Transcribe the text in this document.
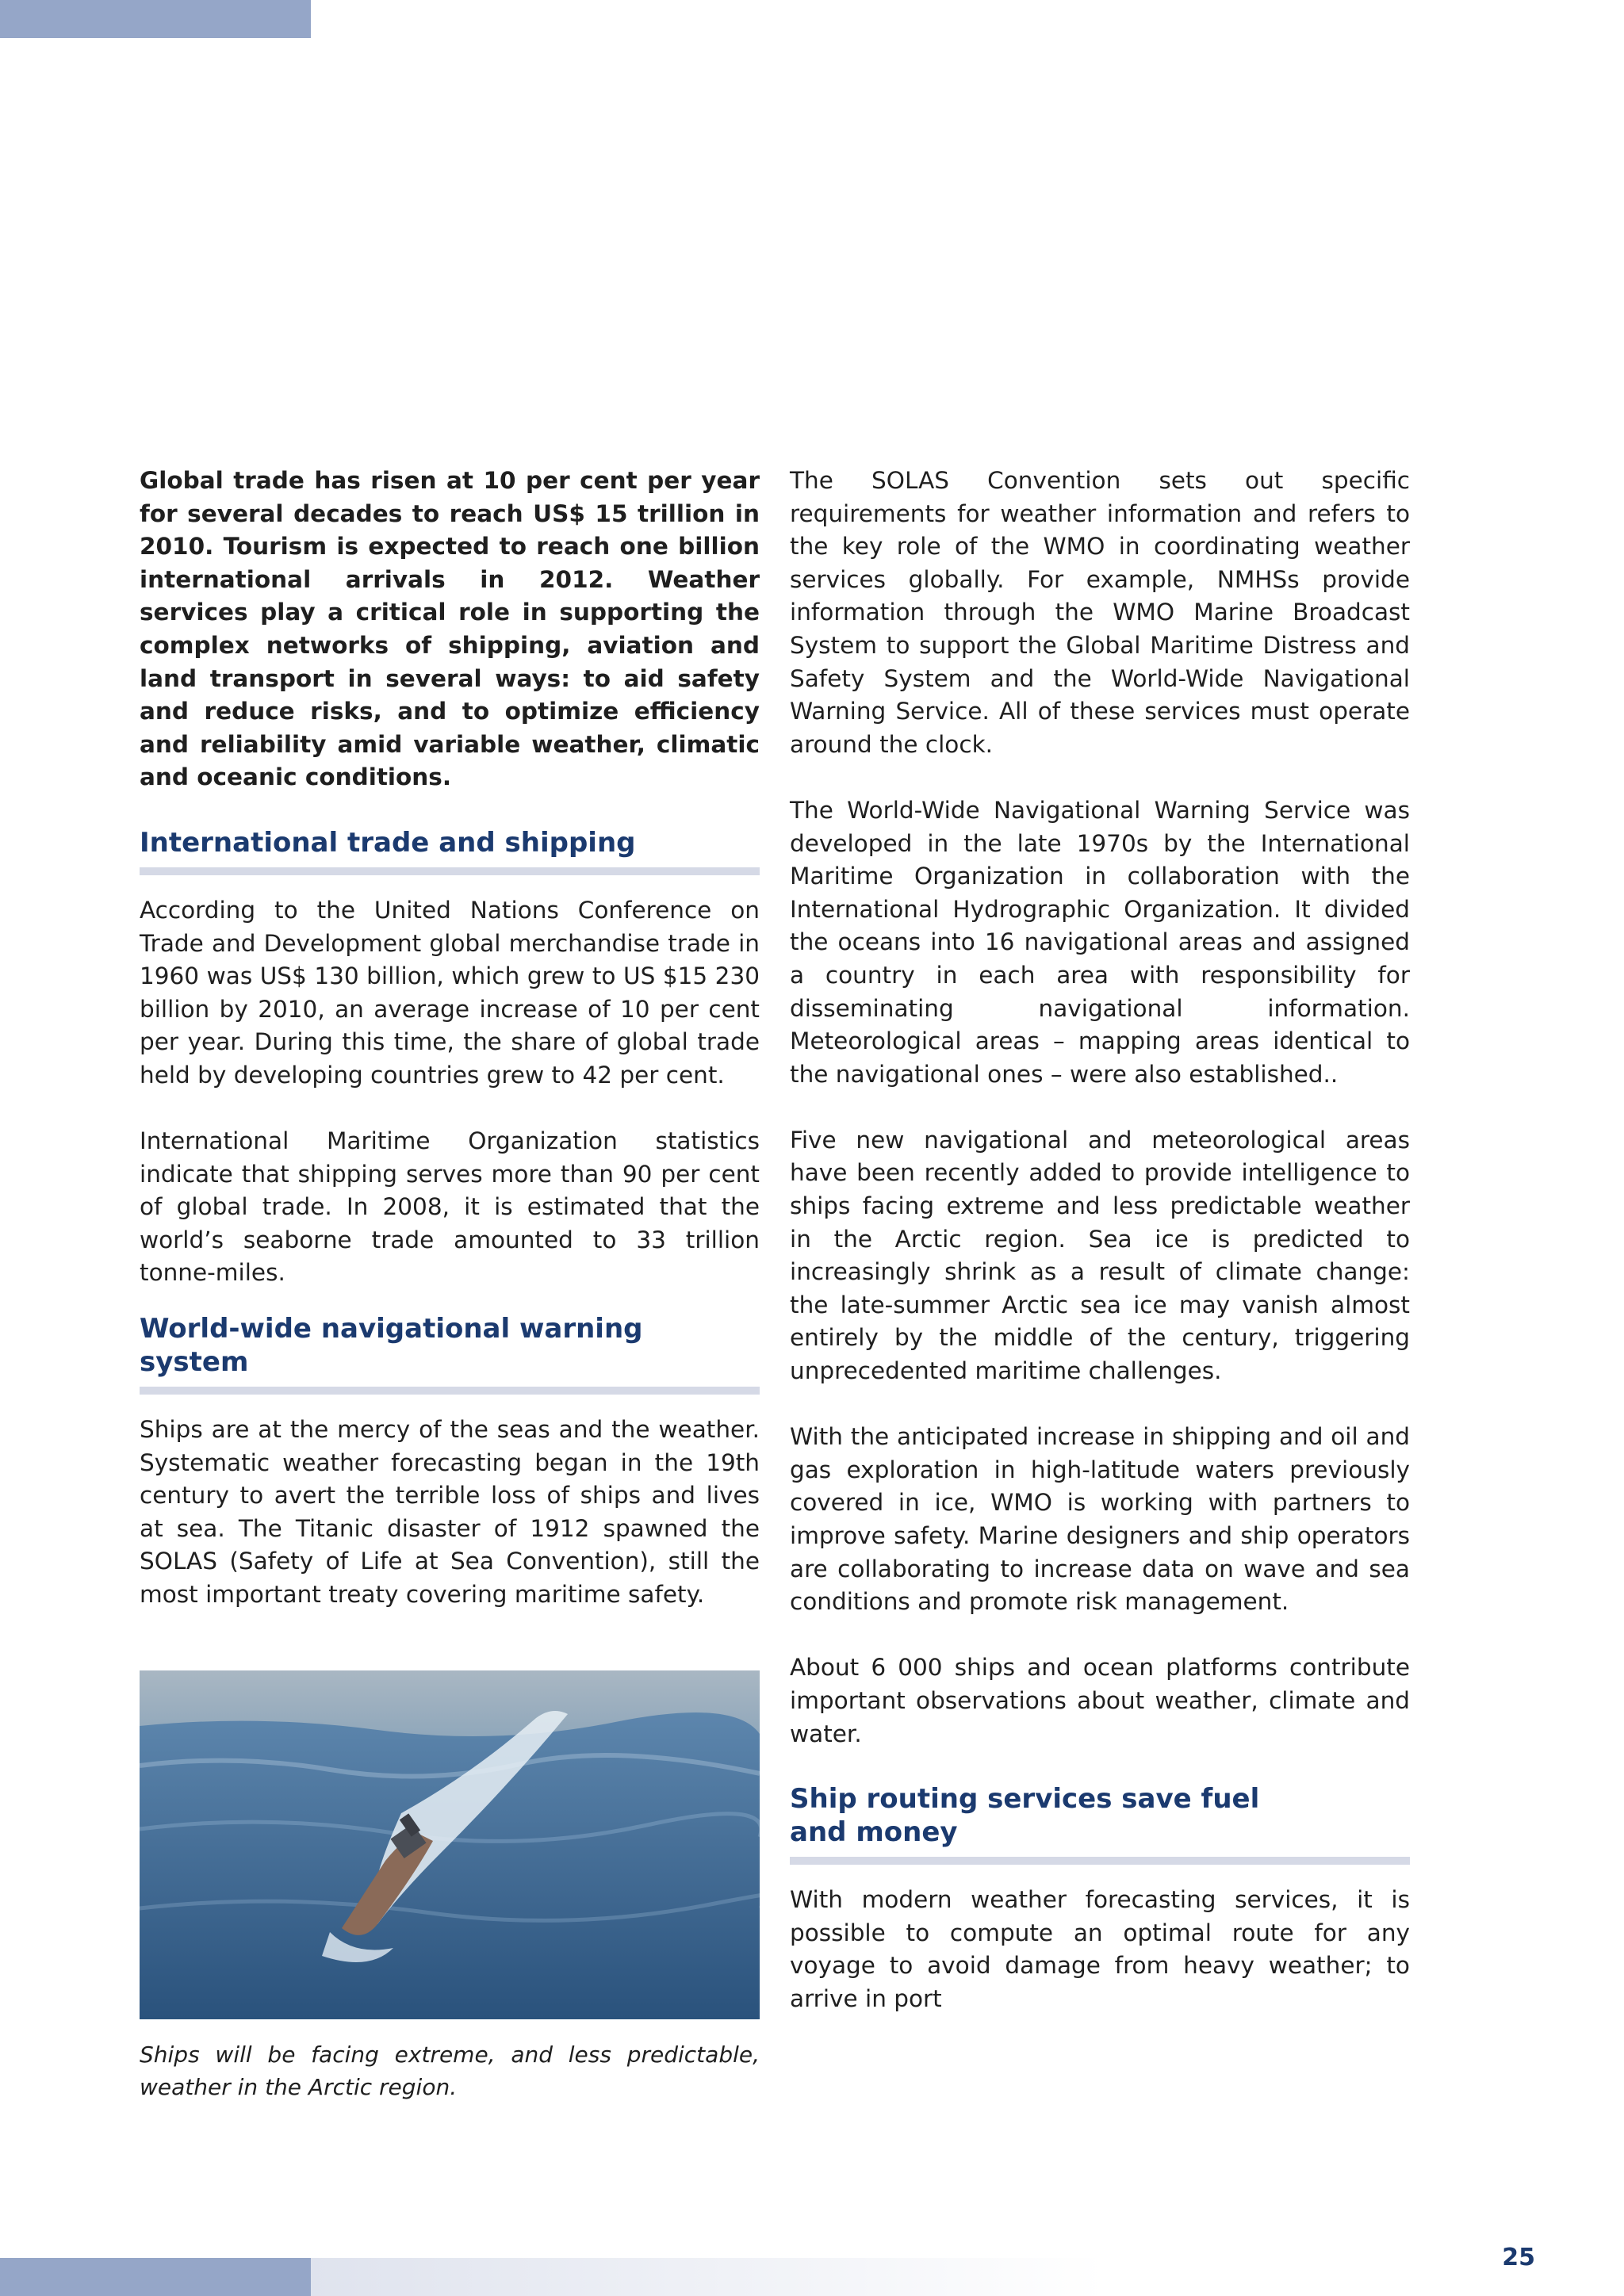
Global trade has risen at 10 per cent per year for several decades to reach US$ 15 trillion in 2010. Tourism is expected to reach one billion international arrivals in 2012. Weather services play a critical role in supporting the complex networks of shipping, aviation and land transport in several ways: to aid safety and reduce risks, and to optimize efficiency and reliability amid variable weather, climatic and oceanic conditions.

International trade and shipping

According to the United Nations Conference on Trade and Development global merchandise trade in 1960 was US$ 130 billion, which grew to US $15 230 billion by 2010, an average increase of 10 per cent per year. During this time, the share of global trade held by developing countries grew to 42 per cent.

International Maritime Organization statistics indicate that shipping serves more than 90 per cent of global trade. In 2008, it is estimated that the world’s seaborne trade amounted to 33 trillion tonne-miles.

World-wide navigational warning system

Ships are at the mercy of the seas and the weather. Systematic weather forecasting began in the 19th century to avert the terrible loss of ships and lives at sea. The Titanic disaster of 1912 spawned the SOLAS (Safety of Life at Sea Convention), still the most important treaty covering maritime safety.

Ships will be facing extreme, and less predictable, weather in the Arctic region.

The SOLAS Convention sets out specific requirements for weather information and refers to the key role of the WMO in coordinating weather services globally. For example, NMHSs provide information through the WMO Marine Broadcast System to support the Global Maritime Distress and Safety System and the World-Wide Navigational Warning Service. All of these services must operate around the clock.

The World-Wide Navigational Warning Service was developed in the late 1970s by the International Maritime Organization in collaboration with the International Hydrographic Organization. It divided the oceans into 16 navigational areas and assigned a country in each area with responsibility for disseminating navigational information. Meteorological areas – mapping areas identical to the navigational ones – were also established..

Five new navigational and meteorological areas have been recently added to provide intelligence to ships facing extreme and less predictable weather in the Arctic region. Sea ice is predicted to increasingly shrink as a result of climate change: the late-summer Arctic sea ice may vanish almost entirely by the middle of the century, triggering unprecedented maritime challenges.

With the anticipated increase in shipping and oil and gas exploration in high-latitude waters previously covered in ice, WMO is working with partners to improve safety. Marine designers and ship operators are collaborating to increase data on wave and sea conditions and promote risk management.

About 6 000 ships and ocean platforms contribute important observations about weather, climate and water.

Ship routing services save fuel
and money

With modern weather forecasting services, it is possible to compute an optimal route for any voyage to avoid damage from heavy weather; to arrive in port

25
